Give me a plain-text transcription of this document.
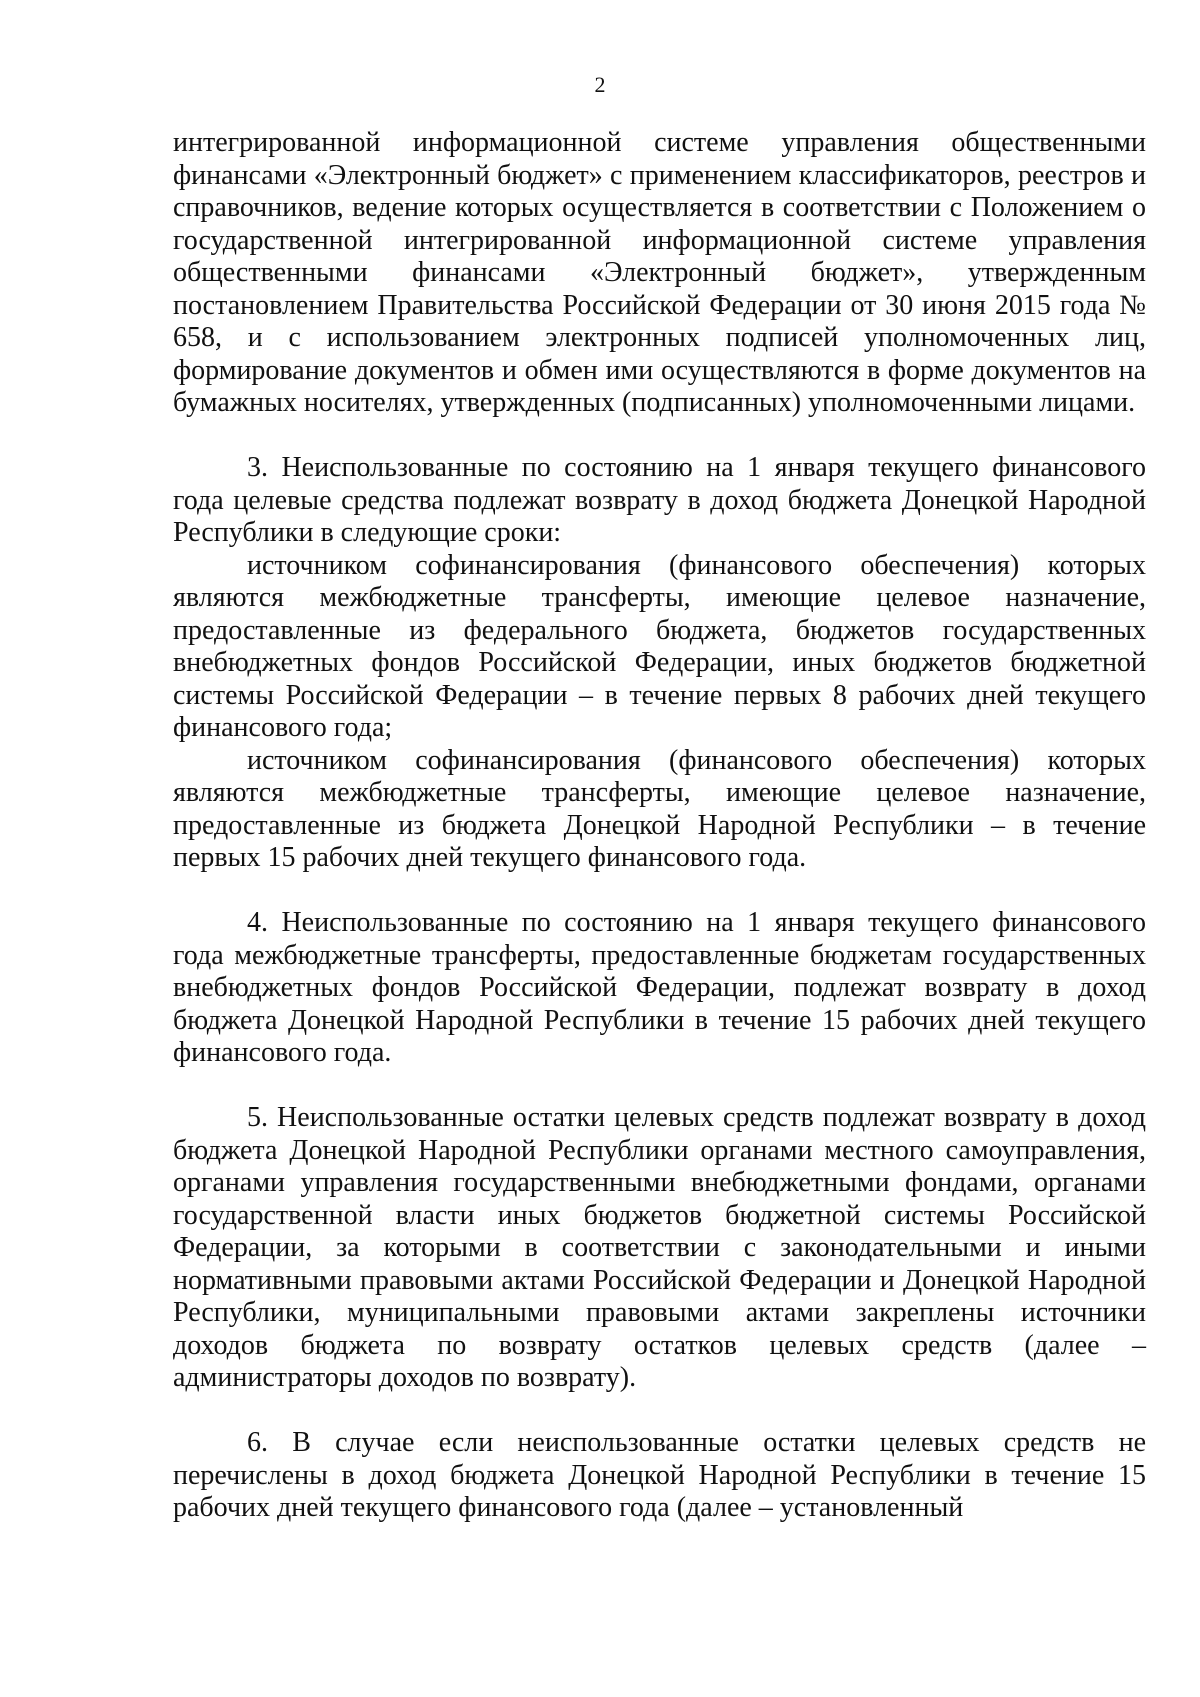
2

интегрированной информационной системе управления общественными финансами «Электронный бюджет» с применением классификаторов, реестров и справочников, ведение которых осуществляется в соответствии с Положением о государственной интегрированной информационной системе управления общественными финансами «Электронный бюджет», утвержденным постановлением Правительства Российской Федерации от 30 июня 2015 года № 658, и с использованием электронных подписей уполномоченных лиц, формирование документов и обмен ими осуществляются в форме документов на бумажных носителях, утвержденных (подписанных) уполномоченными лицами.

3. Неиспользованные по состоянию на 1 января текущего финансового года целевые средства подлежат возврату в доход бюджета Донецкой Народной Республики в следующие сроки:

источником софинансирования (финансового обеспечения) которых являются межбюджетные трансферты, имеющие целевое назначение, предоставленные из федерального бюджета, бюджетов государственных внебюджетных фондов Российской Федерации, иных бюджетов бюджетной системы Российской Федерации – в течение первых 8 рабочих дней текущего финансового года;

источником софинансирования (финансового обеспечения) которых являются межбюджетные трансферты, имеющие целевое назначение, предоставленные из бюджета Донецкой Народной Республики – в течение первых 15 рабочих дней текущего финансового года.

4. Неиспользованные по состоянию на 1 января текущего финансового года межбюджетные трансферты, предоставленные бюджетам государственных внебюджетных фондов Российской Федерации, подлежат возврату в доход бюджета Донецкой Народной Республики в течение 15 рабочих дней текущего финансового года.

5. Неиспользованные остатки целевых средств подлежат возврату в доход бюджета Донецкой Народной Республики органами местного самоуправления, органами управления государственными внебюджетными фондами, органами государственной власти иных бюджетов бюджетной системы Российской Федерации, за которыми в соответствии с законодательными и иными нормативными правовыми актами Российской Федерации и Донецкой Народной Республики, муниципальными правовыми актами закреплены источники доходов бюджета по возврату остатков целевых средств (далее – администраторы доходов по возврату).

6. В случае если неиспользованные остатки целевых средств не перечислены в доход бюджета Донецкой Народной Республики в течение 15 рабочих дней текущего финансового года (далее – установленный
